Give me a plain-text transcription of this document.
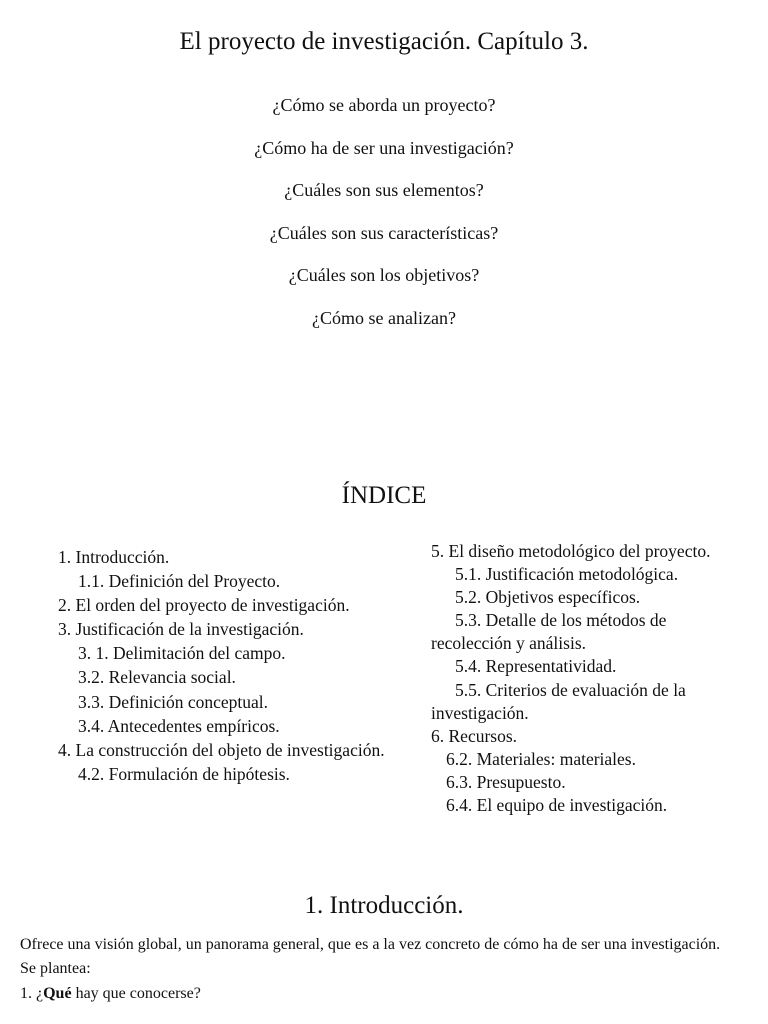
El proyecto de investigación. Capítulo 3.
¿Cómo se aborda un proyecto?
¿Cómo ha de ser una investigación?
¿Cuáles son sus elementos?
¿Cuáles son sus características?
¿Cuáles son los objetivos?
¿Cómo se analizan?
ÍNDICE
1. Introducción.
1.1. Definición del Proyecto.
2. El orden del proyecto de investigación.
3. Justificación de la investigación.
3. 1. Delimitación del campo.
3.2. Relevancia social.
3.3. Definición conceptual.
3.4. Antecedentes empíricos.
4. La construcción del objeto de investigación.
4.2. Formulación de hipótesis.
5. El diseño metodológico del proyecto.
5.1. Justificación metodológica.
5.2. Objetivos específicos.
5.3. Detalle de los métodos de recolección y análisis.
5.4. Representatividad.
5.5. Criterios de evaluación de la investigación.
6. Recursos.
6.2. Materiales: materiales.
6.3. Presupuesto.
6.4. El equipo de investigación.
1. Introducción.

Ofrece una visión global, un panorama general, que es a la vez concreto de cómo ha de ser una investigación.

Se plantea:

1. ¿Qué hay que conocerse?
